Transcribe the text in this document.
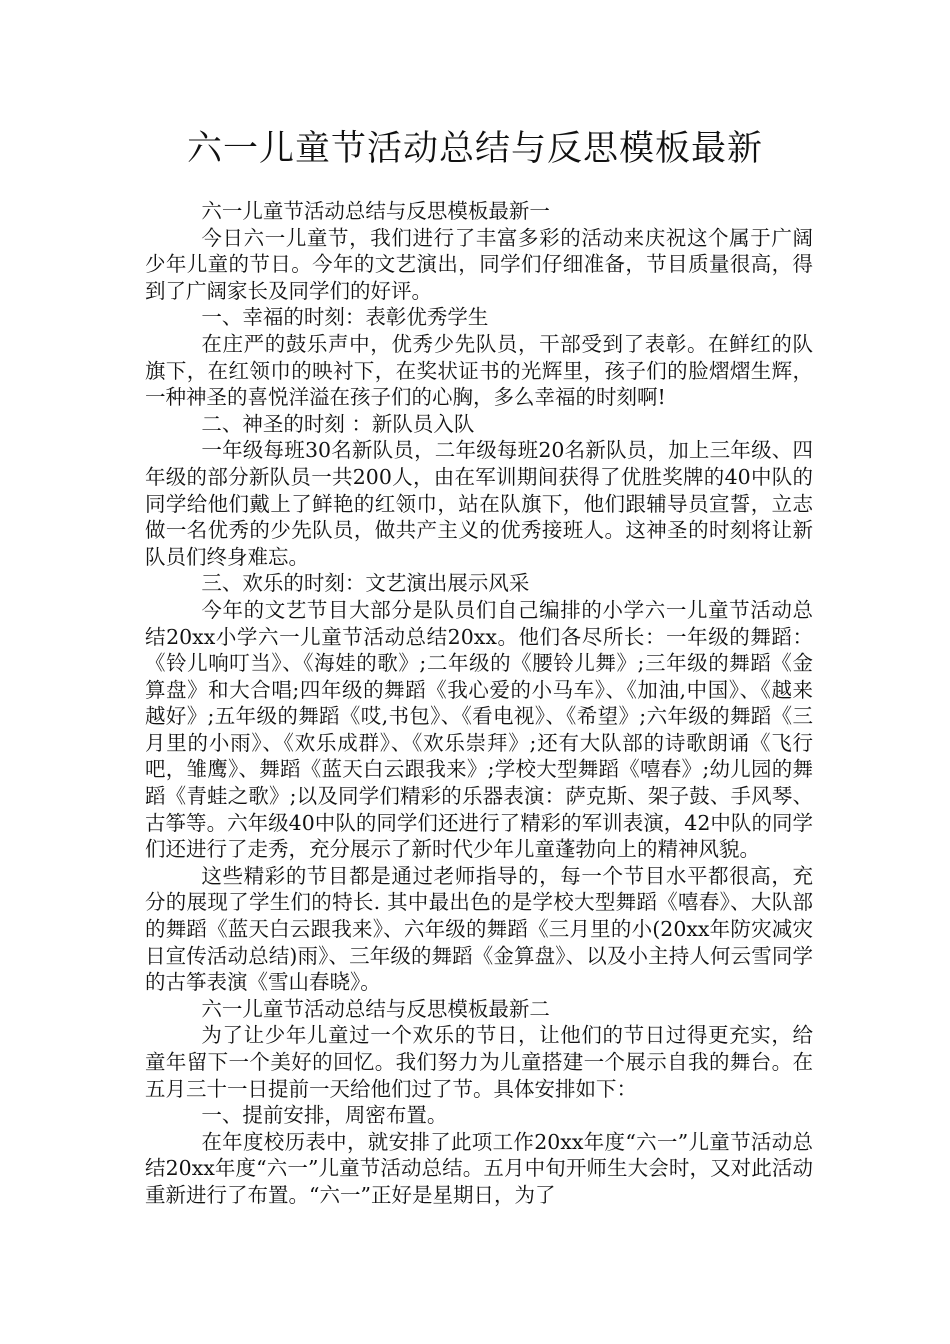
六一儿童节活动总结与反思模板最新

六一儿童节活动总结与反思模板最新一

今日六一儿童节，我们进行了丰富多彩的活动来庆祝这个属于广阔少年儿童的节日。今年的文艺演出，同学们仔细准备，节目质量很高，得到了广阔家长及同学们的好评。

一、幸福的时刻：表彰优秀学生

在庄严的鼓乐声中，优秀少先队员，干部受到了表彰。在鲜红的队旗下，在红领巾的映衬下，在奖状证书的光辉里，孩子们的脸熠熠生辉，一种神圣的喜悦洋溢在孩子们的心胸，多么幸福的时刻啊!

二、神圣的时刻 ：新队员入队

一年级每班30名新队员，二年级每班20名新队员，加上三年级、四年级的部分新队员一共200人，由在军训期间获得了优胜奖牌的40中队的同学给他们戴上了鲜艳的红领巾，站在队旗下，他们跟辅导员宣誓，立志做一名优秀的少先队员，做共产主义的优秀接班人。这神圣的时刻将让新队员们终身难忘。

三、欢乐的时刻：文艺演出展示风采

今年的文艺节目大部分是队员们自己编排的小学六一儿童节活动总结20xx小学六一儿童节活动总结20xx。他们各尽所长：一年级的舞蹈：《铃儿响叮当》、《海娃的歌》;二年级的《腰铃儿舞》;三年级的舞蹈《金算盘》和大合唱;四年级的舞蹈《我心爱的小马车》、《加油,中国》、《越来越好》;五年级的舞蹈《哎,书包》、《看电视》、《希望》;六年级的舞蹈《三月里的小雨》、《欢乐成群》、《欢乐崇拜》;还有大队部的诗歌朗诵《飞行吧，雏鹰》、舞蹈《蓝天白云跟我来》;学校大型舞蹈《嘻春》;幼儿园的舞蹈《青蛙之歌》;以及同学们精彩的乐器表演：萨克斯、架子鼓、手风琴、古筝等。六年级40中队的同学们还进行了精彩的军训表演，42中队的同学们还进行了走秀，充分展示了新时代少年儿童蓬勃向上的精神风貌。

这些精彩的节目都是通过老师指导的，每一个节目水平都很高，充分的展现了学生们的特长. 其中最出色的是学校大型舞蹈《嘻春》、大队部的舞蹈《蓝天白云跟我来》、六年级的舞蹈《三月里的小(20xx年防灾减灾日宣传活动总结)雨》、三年级的舞蹈《金算盘》、以及小主持人何云雪同学的古筝表演《雪山春晓》。

六一儿童节活动总结与反思模板最新二

为了让少年儿童过一个欢乐的节日，让他们的节日过得更充实，给童年留下一个美好的回忆。我们努力为儿童搭建一个展示自我的舞台。在五月三十一日提前一天给他们过了节。具体安排如下：

一、提前安排，周密布置。

在年度校历表中，就安排了此项工作20xx年度“六一”儿童节活动总结20xx年度“六一”儿童节活动总结。五月中旬开师生大会时，又对此活动重新进行了布置。“六一”正好是星期日，为了
